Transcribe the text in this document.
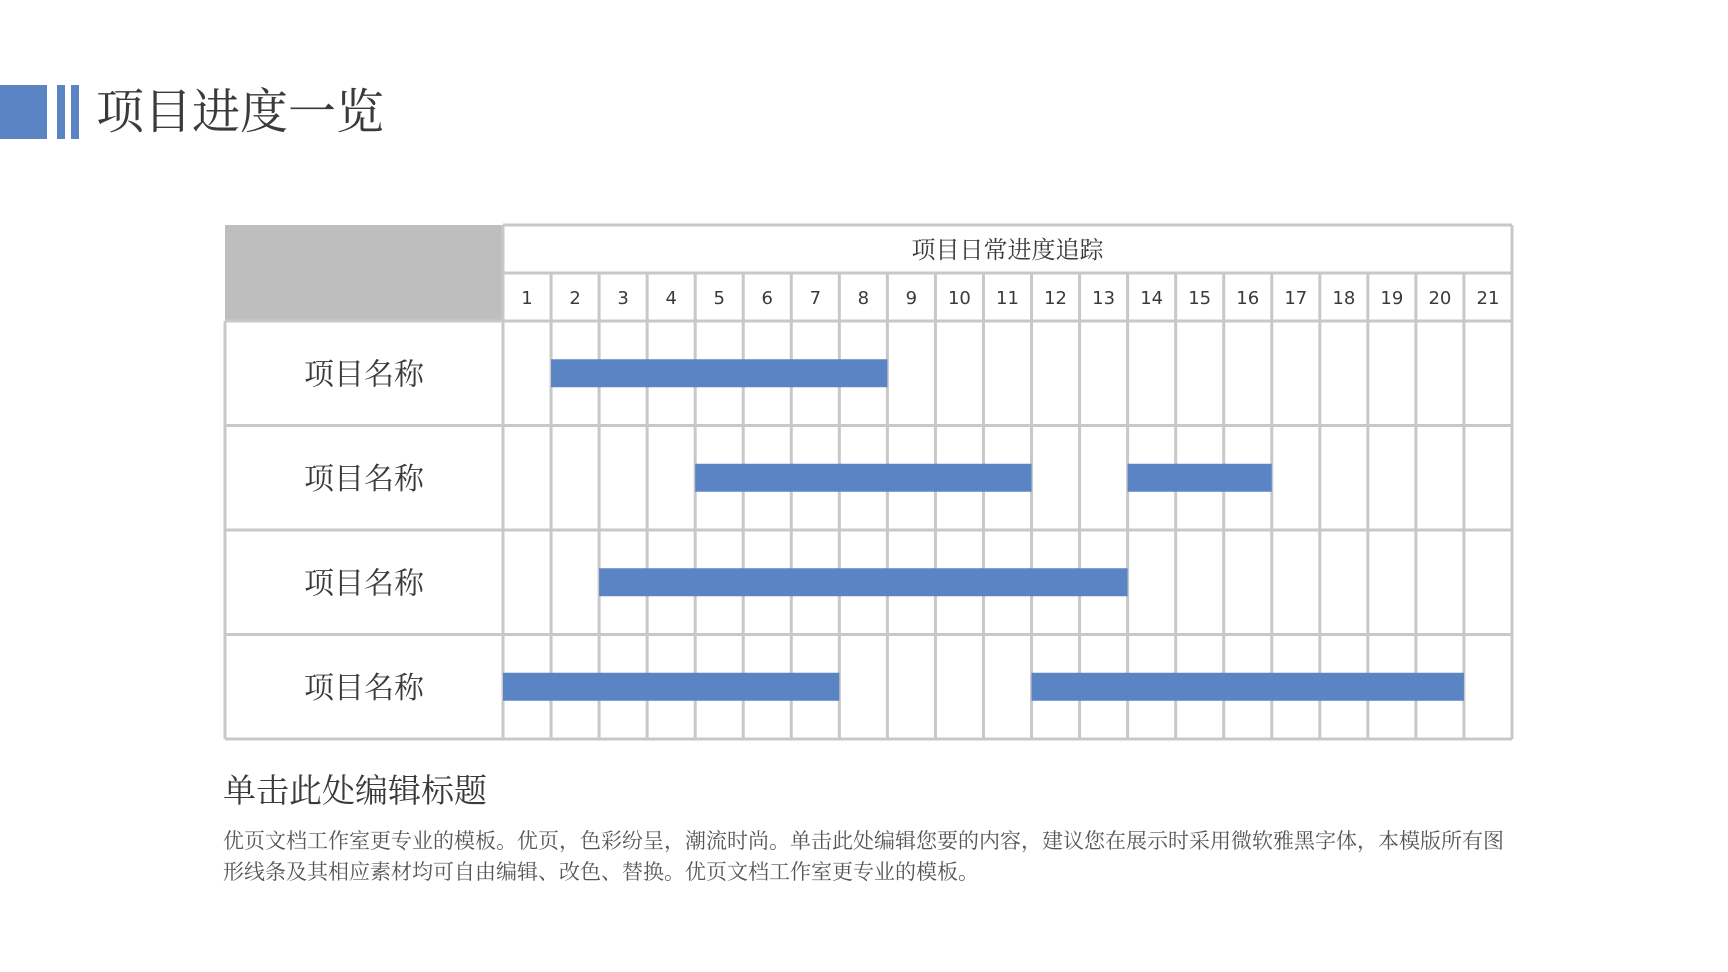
项目进度一览
项目日常进度追踪
1 2 3 4 5 6 7 8 9 10 11 12 13 14 15 16 17 18 19 20 21
项目名称
项目名称
项目名称
项目名称
单击此处编辑标题
优页文档工作室更专业的模板。优页，色彩纷呈，潮流时尚。单击此处编辑您要的内容，建议您在展示时采用微软雅黑字体，本模版所有图形线条及其相应素材均可自由编辑、改色、替换。优页文档工作室更专业的模板。
